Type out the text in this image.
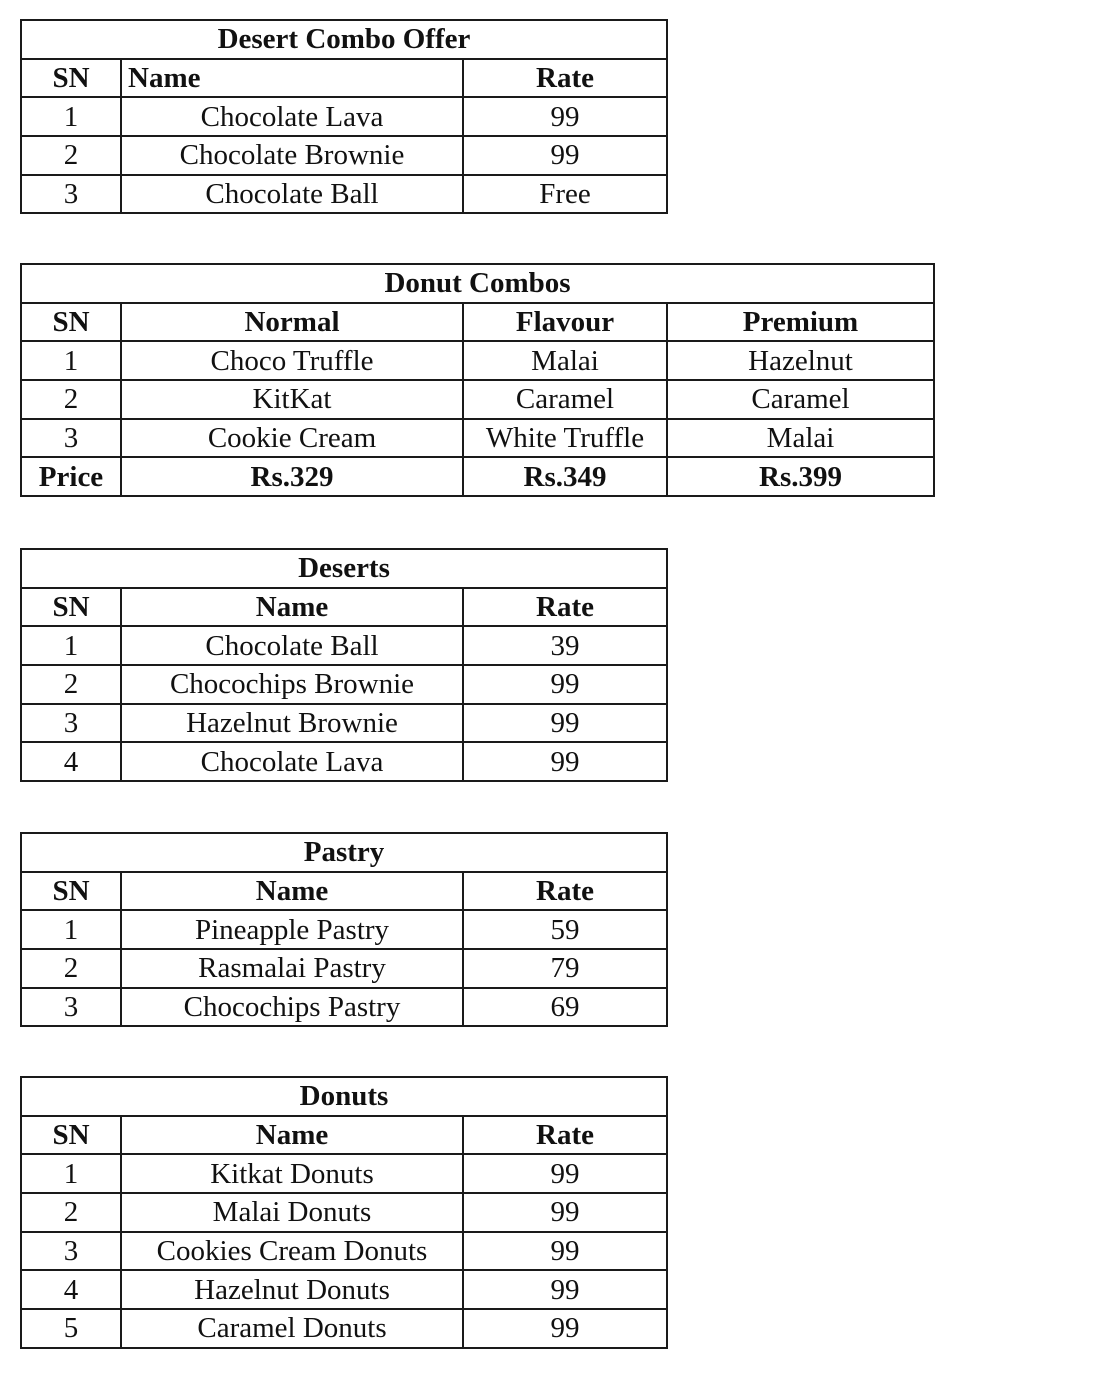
Desert Combo Offer		
SN	Name	Rate
1	Chocolate Lava	99
2	Chocolate Brownie	99
3	Chocolate Ball	Free
Donut Combos			
SN	Normal	Flavour	Premium
1	Choco Truffle	Malai	Hazelnut
2	KitKat	Caramel	Caramel
3	Cookie Cream	White Truffle	Malai
Price	Rs.329	Rs.349	Rs.399
Deserts		
SN	Name	Rate
1	Chocolate Ball	39
2	Chocochips Brownie	99
3	Hazelnut Brownie	99
4	Chocolate Lava	99
Pastry		
SN	Name	Rate
1	Pineapple Pastry	59
2	Rasmalai Pastry	79
3	Chocochips Pastry	69
Donuts		
SN	Name	Rate
1	Kitkat Donuts	99
2	Malai Donuts	99
3	Cookies Cream Donuts	99
4	Hazelnut Donuts	99
5	Caramel Donuts	99
